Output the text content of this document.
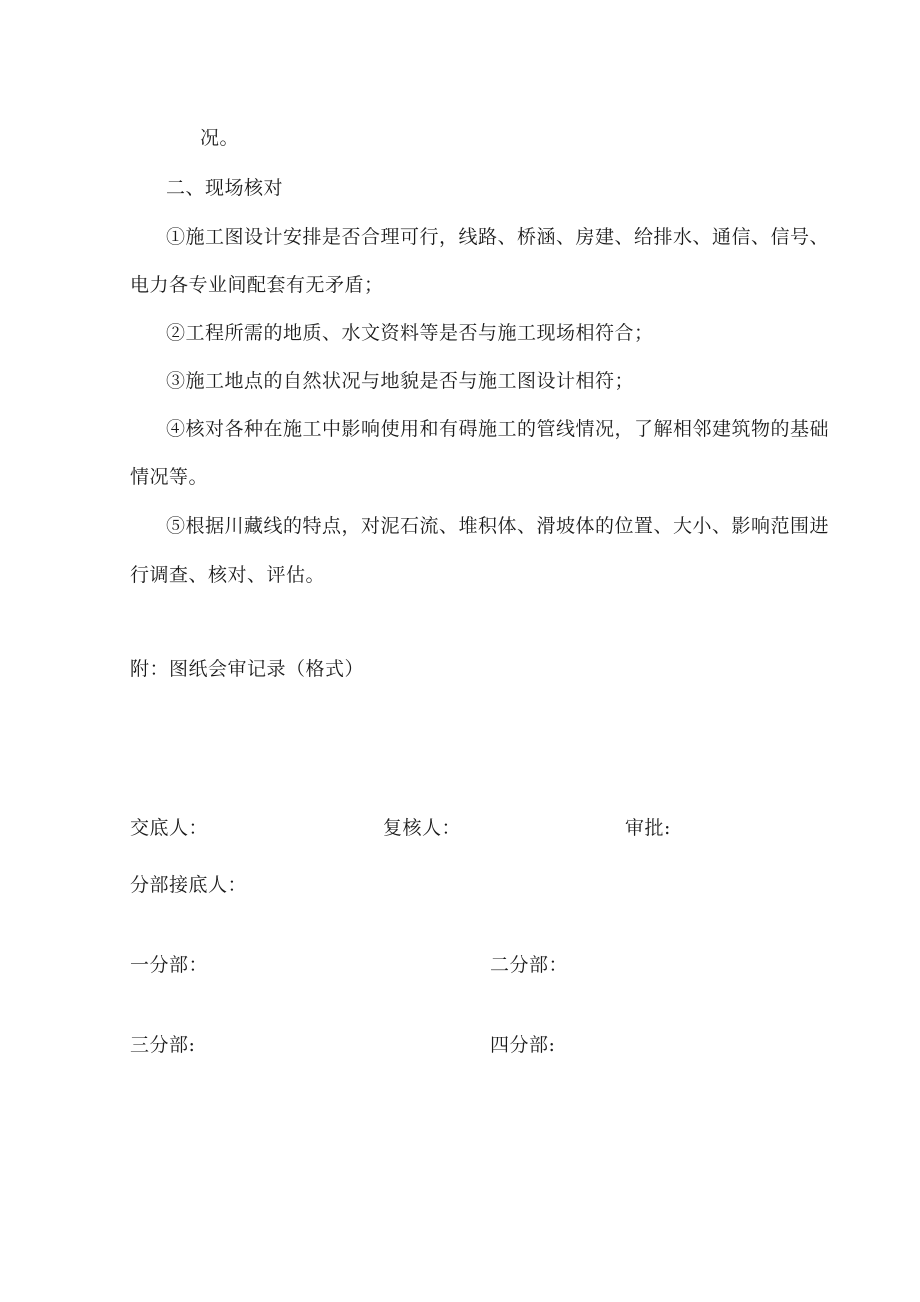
况。
二、现场核对
①施工图设计安排是否合理可行，线路、桥涵、房建、给排水、通信、信号、
电力各专业间配套有无矛盾；
②工程所需的地质、水文资料等是否与施工现场相符合；
③施工地点的自然状况与地貌是否与施工图设计相符；
④核对各种在施工中影响使用和有碍施工的管线情况，了解相邻建筑物的基础
情况等。
⑤根据川藏线的特点，对泥石流、堆积体、滑坡体的位置、大小、影响范围进
行调查、核对、评估。
附：图纸会审记录（格式）
交底人：	复核人：	审批:
分部接底人：
一分部：	二分部：
三分部:	四分部:
